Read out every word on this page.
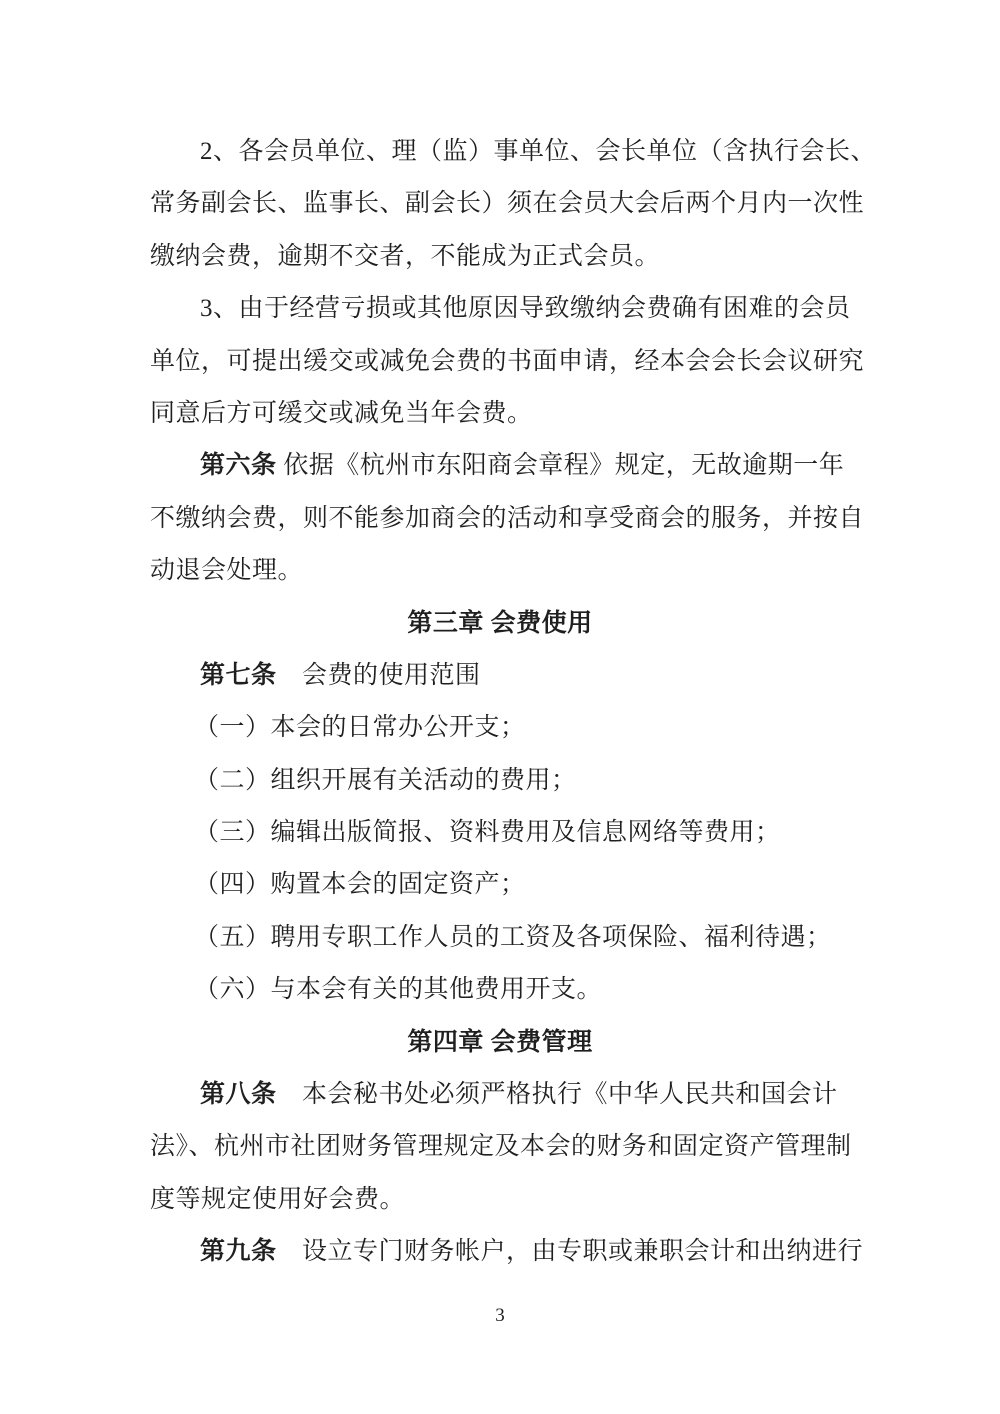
2、各会员单位、理（监）事单位、会长单位（含执行会长、
常务副会长、监事长、副会长）须在会员大会后两个月内一次性
缴纳会费，逾期不交者，不能成为正式会员。
3、由于经营亏损或其他原因导致缴纳会费确有困难的会员
单位，可提出缓交或减免会费的书面申请，经本会会长会议研究
同意后方可缓交或减免当年会费。
第六条 依据《杭州市东阳商会章程》规定，无故逾期一年
不缴纳会费，则不能参加商会的活动和享受商会的服务，并按自
动退会处理。
第三章 会费使用
第七条　会费的使用范围
（一）本会的日常办公开支；
（二）组织开展有关活动的费用；
（三）编辑出版简报、资料费用及信息网络等费用；
（四）购置本会的固定资产；
（五）聘用专职工作人员的工资及各项保险、福利待遇；
（六）与本会有关的其他费用开支。
第四章 会费管理
第八条　本会秘书处必须严格执行《中华人民共和国会计
法》、杭州市社团财务管理规定及本会的财务和固定资产管理制
度等规定使用好会费。
第九条　设立专门财务帐户，由专职或兼职会计和出纳进行
3
